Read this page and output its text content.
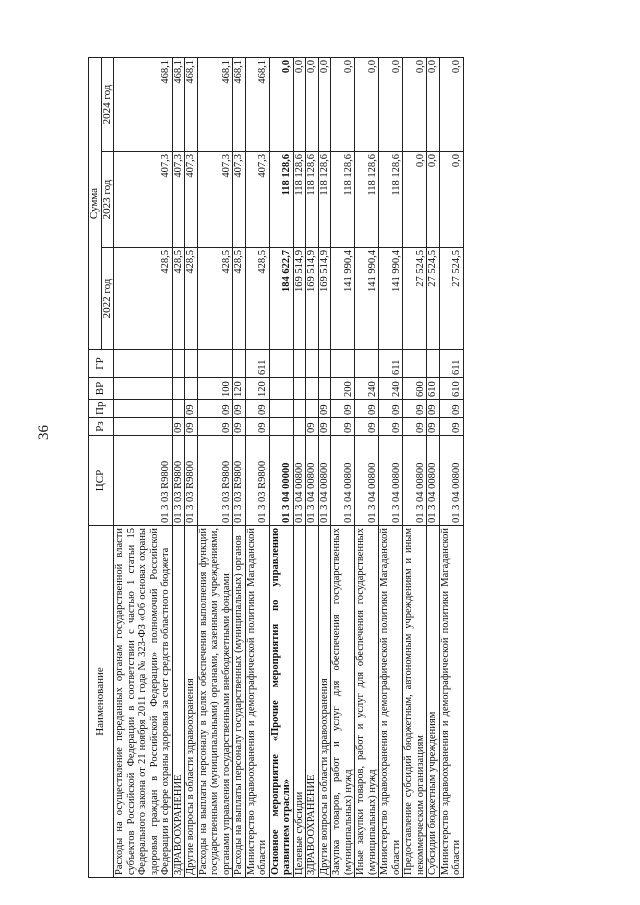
36
Наименование	ЦСР	Рз	Пр	ВР	ГР	Сумма		
						2022 год	2023 год	2024 год
Расходы на осуществление переданных органам государственной власти субъектов Российской Федерации в соответствии с частью 1 статьи 15 Федерального закона от 21 ноября 2011 года № 323-ФЗ «Об основах охраны здоровья граждан в Российской Федерации» полномочий Российской Федерации в сфере охраны здоровья за счет средств областного бюджета	01 3 03 R9800					428,5	407,3	468,1
ЗДРАВООХРАНЕНИЕ	01 3 03 R9800	09				428,5	407,3	468,1
Другие вопросы в области здравоохранения	01 3 03 R9800	09	09			428,5	407,3	468,1
Расходы на выплаты персоналу в целях обеспечения выполнения функций государственными (муниципальными) органами, казенными учреждениями, органами управления государственными внебюджетными фондами	01 3 03 R9800	09	09	100		428,5	407,3	468,1
Расходы на выплаты персоналу государственных (муниципальных) органов	01 3 03 R9800	09	09	120		428,5	407,3	468,1
Министерство здравоохранения и демографической политики Магаданской области	01 3 03 R9800	09	09	120	611	428,5	407,3	468,1
Основное мероприятие «Прочие мероприятия по управлению развитием отрасли»	01 3 04 00000					184 622,7	118 128,6	0,0
Целевые субсидии	01 3 04 00800					169 514,9	118 128,6	0,0
ЗДРАВООХРАНЕНИЕ	01 3 04 00800	09				169 514,9	118 128,6	0,0
Другие вопросы в области здравоохранения	01 3 04 00800	09	09			169 514,9	118 128,6	0,0
Закупка товаров, работ и услуг для обеспечения государственных (муниципальных) нужд	01 3 04 00800	09	09	200		141 990,4	118 128,6	0,0
Иные закупки товаров, работ и услуг для обеспечения государственных (муниципальных) нужд	01 3 04 00800	09	09	240		141 990,4	118 128,6	0,0
Министерство здравоохранения и демографической политики Магаданской области	01 3 04 00800	09	09	240	611	141 990,4	118 128,6	0,0
Предоставление субсидий бюджетным, автономным учреждениям и иным некоммерческим организациям	01 3 04 00800	09	09	600		27 524,5	0,0	0,0
Субсидии бюджетным учреждениям	01 3 04 00800	09	09	610		27 524,5	0,0	0,0
Министерство здравоохранения и демографической политики Магаданской области	01 3 04 00800	09	09	610	611	27 524,5	0,0	0,0
